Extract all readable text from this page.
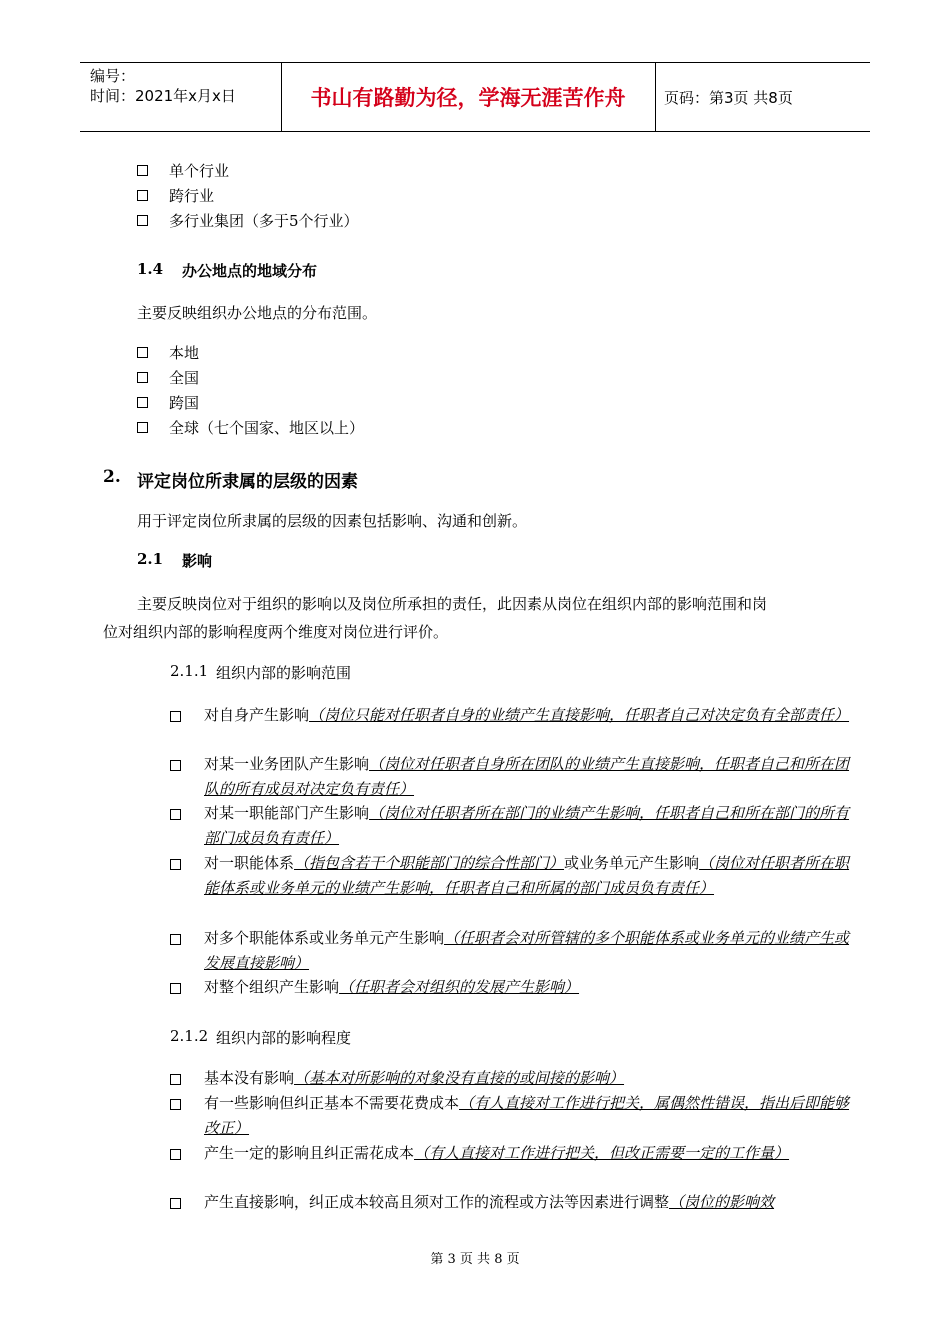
编号：
时间：2021年x月x日	书山有路勤为径，学海无涯苦作舟	页码：第3页 共8页
单个行业
跨行业
多行业集团（多于5个行业）
1.4 办公地点的地域分布
主要反映组织办公地点的分布范围。
本地
全国
跨国
全球（七个国家、地区以上）
2. 评定岗位所隶属的层级的因素
用于评定岗位所隶属的层级的因素包括影响、沟通和创新。
2.1 影响
主要反映岗位对于组织的影响以及岗位所承担的责任，此因素从岗位在组织内部的影响范围和岗
位对组织内部的影响程度两个维度对岗位进行评价。
2.1.1 组织内部的影响范围
对自身产生影响（岗位只能对任职者自身的业绩产生直接影响，任职者自己对决定负有全部责任）
对某一业务团队产生影响（岗位对任职者自身所在团队的业绩产生直接影响，任职者自己和所在团队的所有成员对决定负有责任）
对某一职能部门产生影响（岗位对任职者所在部门的业绩产生影响，任职者自己和所在部门的所有部门成员负有责任）
对一职能体系（指包含若干个职能部门的综合性部门）或业务单元产生影响（岗位对任职者所在职能体系或业务单元的业绩产生影响，任职者自己和所属的部门成员负有责任）
对多个职能体系或业务单元产生影响（任职者会对所管辖的多个职能体系或业务单元的业绩产生或发展直接影响）
对整个组织产生影响（任职者会对组织的发展产生影响）
2.1.2 组织内部的影响程度
基本没有影响（基本对所影响的对象没有直接的或间接的影响）
有一些影响但纠正基本不需要花费成本（有人直接对工作进行把关，属偶然性错误，指出后即能够改正）
产生一定的影响且纠正需花成本（有人直接对工作进行把关，但改正需要一定的工作量）
产生直接影响，纠正成本较高且须对工作的流程或方法等因素进行调整（岗位的影响效
第 3 页 共 8 页
